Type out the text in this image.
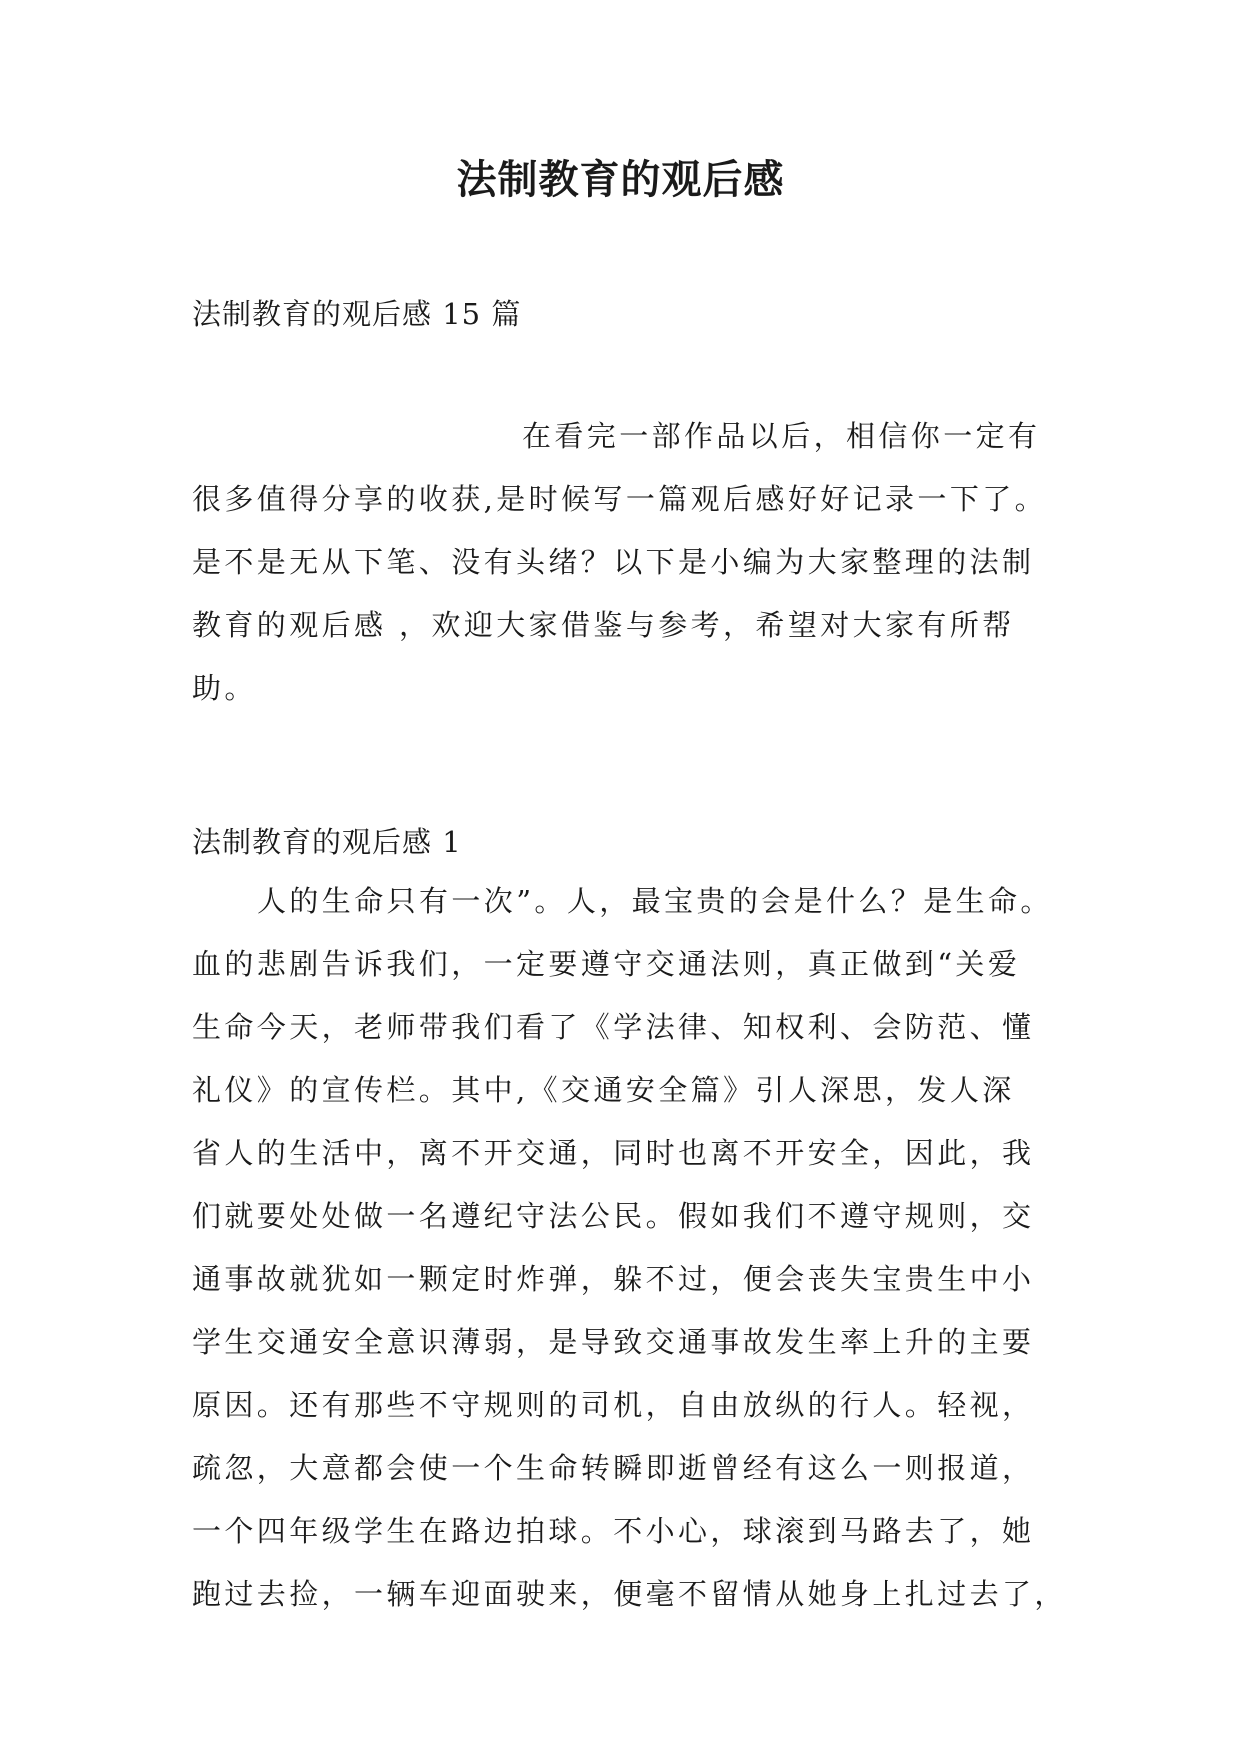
法制教育的观后感
法制教育的观后感 15 篇
在看完一部作品以后，相信你一定有
很多值得分享的收获,是时候写一篇观后感好好记录一下了。
是不是无从下笔、没有头绪？以下是小编为大家整理的法制
教育的观后感 ，欢迎大家借鉴与参考，希望对大家有所帮
助。
法制教育的观后感 1
人的生命只有一次”。人，最宝贵的会是什么？是生命。
血的悲剧告诉我们，一定要遵守交通法则，真正做到“关爱
生命今天，老师带我们看了《学法律、知权利、会防范、懂
礼仪》的宣传栏。其中,《交通安全篇》引人深思，发人深
省人的生活中，离不开交通，同时也离不开安全，因此，我
们就要处处做一名遵纪守法公民。假如我们不遵守规则，交
通事故就犹如一颗定时炸弹，躲不过，便会丧失宝贵生中小
学生交通安全意识薄弱，是导致交通事故发生率上升的主要
原因。还有那些不守规则的司机，自由放纵的行人。轻视，
疏忽，大意都会使一个生命转瞬即逝曾经有这么一则报道，
一个四年级学生在路边拍球。不小心，球滚到马路去了，她
跑过去捡，一辆车迎面驶来，便毫不留情从她身上扎过去了，
